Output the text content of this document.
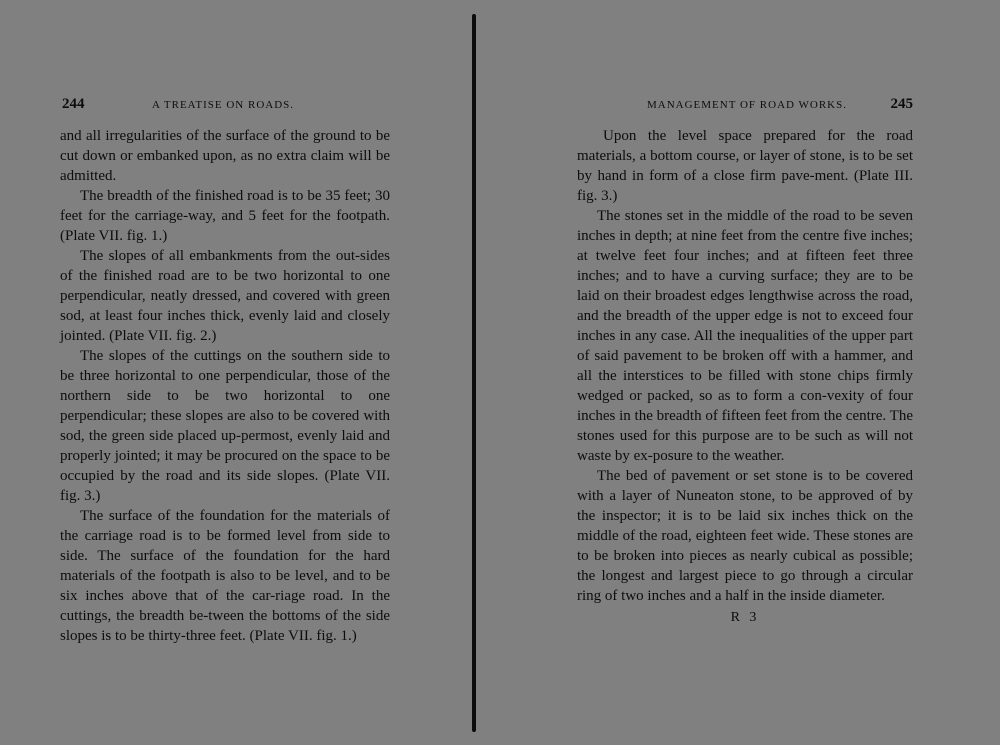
244	A TREATISE ON ROADS.

and all irregularities of the surface of the ground to be cut down or embanked upon, as no extra claim will be admitted.

The breadth of the finished road is to be 35 feet; 30 feet for the carriage-way, and 5 feet for the footpath. (Plate VII. fig. 1.)

The slopes of all embankments from the out-sides of the finished road are to be two horizontal to one perpendicular, neatly dressed, and covered with green sod, at least four inches thick, evenly laid and closely jointed. (Plate VII. fig. 2.)

The slopes of the cuttings on the southern side to be three horizontal to one perpendicular, those of the northern side to be two horizontal to one perpendicular; these slopes are also to be covered with sod, the green side placed up-permost, evenly laid and properly jointed; it may be procured on the space to be occupied by the road and its side slopes. (Plate VII. fig. 3.)

The surface of the foundation for the materials of the carriage road is to be formed level from side to side. The surface of the foundation for the hard materials of the footpath is also to be level, and to be six inches above that of the car-riage road. In the cuttings, the breadth be-tween the bottoms of the side slopes is to be thirty-three feet. (Plate VII. fig. 1.)

MANAGEMENT OF ROAD WORKS.	245

Upon the level space prepared for the road materials, a bottom course, or layer of stone, is to be set by hand in form of a close firm pave-ment. (Plate III. fig. 3.)

The stones set in the middle of the road to be seven inches in depth; at nine feet from the centre five inches; at twelve feet four inches; and at fifteen feet three inches; and to have a curving surface; they are to be laid on their broadest edges lengthwise across the road, and the breadth of the upper edge is not to exceed four inches in any case. All the inequalities of the upper part of said pavement to be broken off with a hammer, and all the interstices to be filled with stone chips firmly wedged or packed, so as to form a con-vexity of four inches in the breadth of fifteen feet from the centre. The stones used for this purpose are to be such as will not waste by ex-posure to the weather.

The bed of pavement or set stone is to be covered with a layer of Nuneaton stone, to be approved of by the inspector; it is to be laid six inches thick on the middle of the road, eighteen feet wide. These stones are to be broken into pieces as nearly cubical as possible; the longest and largest piece to go through a circular ring of two inches and a half in the inside diameter.

R 3
